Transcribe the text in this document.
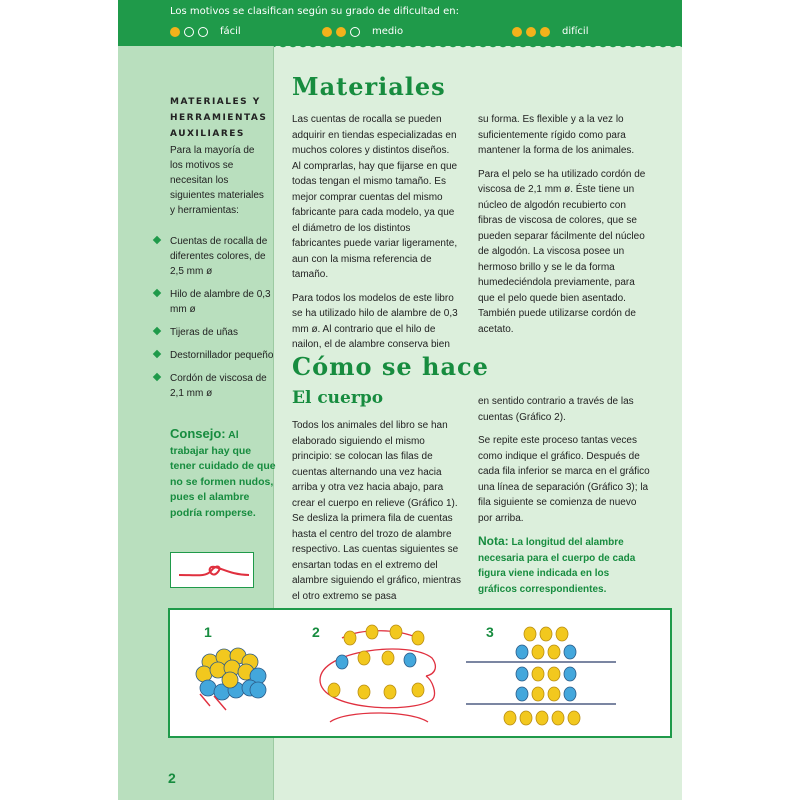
Los motivos se clasifican según su grado de dificultad en:
fácil	medio	difícil
MATERIALES Y HERRAMIENTAS AUXILIARES
Para la mayoría de los motivos se necesitan los siguientes materiales y herramientas:
Cuentas de rocalla de diferentes colores, de 2,5 mm ø
Hilo de alambre de 0,3 mm ø
Tijeras de uñas
Destornillador pequeño
Cordón de viscosa de 2,1 mm ø
Consejo: Al trabajar hay que tener cuidado de que no se formen nudos, pues el alambre podría romperse.
Materiales

Las cuentas de rocalla se pueden adquirir en tiendas especializadas en muchos colores y distintos diseños. Al comprarlas, hay que fijarse en que todas tengan el mismo tamaño. Es mejor comprar cuentas del mismo fabricante para cada modelo, ya que el diámetro de los distintos fabricantes puede variar ligeramente, aun con la misma referencia de tamaño.

Para todos los modelos de este libro se ha utilizado hilo de alambre de 0,3 mm ø. Al contrario que el hilo de nailon, el de alambre conserva bien

su forma. Es flexible y a la vez lo suficientemente rígido como para mantener la forma de los animales.

Para el pelo se ha utilizado cordón de viscosa de 2,1 mm ø. Éste tiene un núcleo de algodón recubierto con fibras de viscosa de colores, que se pueden separar fácilmente del núcleo de algodón. La viscosa posee un hermoso brillo y se le da forma humedeciéndola previamente, para que el pelo quede bien asentado. También puede utilizarse cordón de acetato.

Cómo se hace
El cuerpo

Todos los animales del libro se han elaborado siguiendo el mismo principio: se colocan las filas de cuentas alternando una vez hacia arriba y otra vez hacia abajo, para crear el cuerpo en relieve (Gráfico 1). Se desliza la primera fila de cuentas hasta el centro del trozo de alambre respectivo. Las cuentas siguientes se ensartan todas en el extremo del alambre siguiendo el gráfico, mientras el otro extremo se pasa

en sentido contrario a través de las cuentas (Gráfico 2).

Se repite este proceso tantas veces como indique el gráfico. Después de cada fila inferior se marca en el gráfico una línea de separación (Gráfico 3); la fila siguiente se comienza de nuevo por arriba.

Nota: La longitud del alambre necesaria para el cuerpo de cada figura viene indicada en los gráficos correspondientes.

1	2	3
2
